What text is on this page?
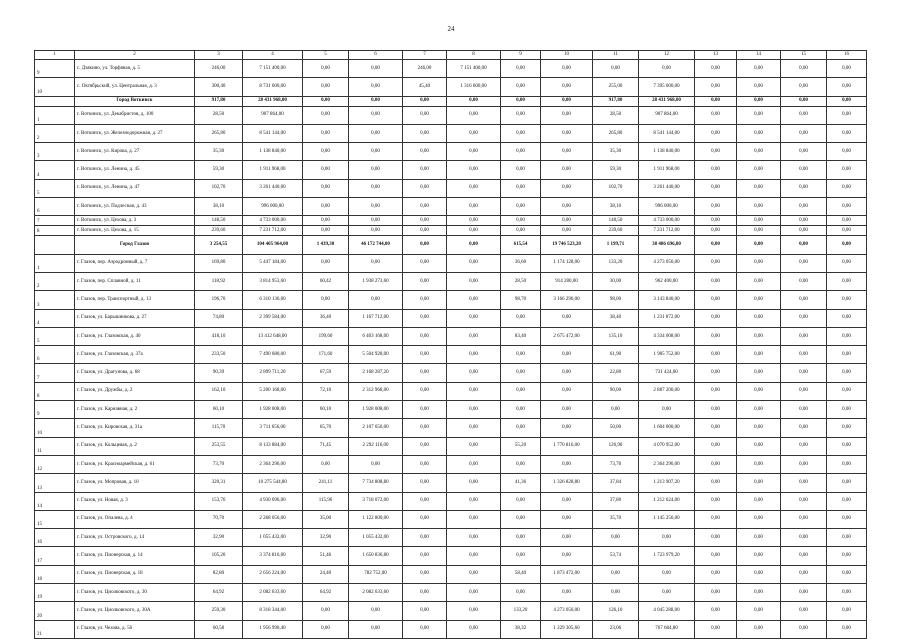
24
1	2	3	4	5	6	7	8	9	10	11	12	13	14	15	16
9	с. Дзякино, ул. Торфяная, д. 5	246,00	7 151 400,00	0,00	0,00	246,00	7 151 400,00	0,00	0,00	0,00	0,00	0,00	0,00	0,00	0,00
10	с. Октябрьский, ул. Центральная, д. 3	300,40	8 731 600,00	0,00	0,00	45,40	1 316 600,00	0,00	0,00	255,00	7 395 000,00	0,00	0,00	0,00	0,00
	Город Воткинск	917,80	28 431 968,00	0,00	0,00	0,00	0,00	0,00	0,00	917,80	28 431 968,00	0,00	0,00	0,00	0,00
1	г. Воткинск, ул. Декабристов, д. 100	28,50	907 864,00	0,00	0,00	0,00	0,00	0,00	0,00	28,50	907 864,00	0,00	0,00	0,00	0,00
2	г. Воткинск, ул. Железнодорожная, д. 27	265,80	8 541 144,00	0,00	0,00	0,00	0,00	0,00	0,00	265,80	8 541 144,00	0,00	0,00	0,00	0,00
3	г. Воткинск, ул. Кирова, д. 27	35,30	1 138 840,00	0,00	0,00	0,00	0,00	0,00	0,00	35,30	1 138 840,00	0,00	0,00	0,00	0,00
4	г. Воткинск, ул. Ленина, д. 45	59,30	1 911 968,00	0,00	0,00	0,00	0,00	0,00	0,00	59,30	1 911 968,00	0,00	0,00	0,00	0,00
5	г. Воткинск, ул. Ленина, д. 47	102,70	3 261 440,00	0,00	0,00	0,00	0,00	0,00	0,00	102,70	3 261 440,00	0,00	0,00	0,00	0,00
6	г. Воткинск, ул. Подлесная, д. 43	38,10	996 000,00	0,00	0,00	0,00	0,00	0,00	0,00	38,10	996 000,00	0,00	0,00	0,00	0,00
7	г. Воткинск, ул. Цехова, д. 3	148,50	4 733 000,00	0,00	0,00	0,00	0,00	0,00	0,00	148,50	4 733 000,00	0,00	0,00	0,00	0,00
8	г. Воткинск, ул. Цехова, д. 15	239,60	7 231 712,00	0,00	0,00	0,00	0,00	0,00	0,00	239,60	7 231 712,00	0,00	0,00	0,00	0,00
	Город Глазов	3 254,55	104 405 964,00	1 439,30	46 172 744,00	0,00	0,00	615,54	19 746 523,20	1 199,71	38 486 696,80	0,00	0,00	0,00	0,00
1	г. Глазов, пер. Аэродромный, д. 7	169,80	5 447 184,00	0,00	0,00	0,00	0,00	36,60	1 174 128,00	133,20	4 273 056,00	0,00	0,00	0,00	0,00
2	г. Глазов, пер. Сплавной, д. 11	118,92	3 814 953,60	60,42	1 938 273,60	0,00	0,00	28,50	914 280,00	30,00	962 400,00	0,00	0,00	0,00	0,00
3	г. Глазов, пер. Транспортный, д. 13	196,70	6 310 136,00	0,00	0,00	0,00	0,00	98,70	3 166 296,00	98,00	3 143 840,00	0,00	0,00	0,00	0,00
4	г. Глазов, ул. Барышникова, д. 27	74,80	2 399 584,00	36,40	1 167 712,00	0,00	0,00	0,00	0,00	38,40	1 231 872,00	0,00	0,00	0,00	0,00
5	г. Глазов, ул. Глазовская, д. 40	418,10	13 412 648,00	199,60	6 403 168,00	0,00	0,00	83,40	2 675 472,00	135,10	4 334 008,00	0,00	0,00	0,00	0,00
6	г. Глазов, ул. Глазовская, д. 37а	233,50	7 490 680,00	171,60	5 504 928,00	0,00	0,00	0,00	0,00	61,90	1 985 752,00	0,00	0,00	0,00	0,00
7	г. Глазов, ул. Драгунова, д. 68	90,39	2 899 711,20	67,59	2 168 287,20	0,00	0,00	0,00	0,00	22,80	731 424,00	0,00	0,00	0,00	0,00
8	г. Глазов, ул. Дружбы, д. 2	162,10	5 200 168,00	72,10	2 312 968,00	0,00	0,00	0,00	0,00	90,00	2 887 200,00	0,00	0,00	0,00	0,00
9	г. Глазов, ул. Карнавная, д. 2	60,10	1 928 008,00	60,10	1 928 008,00	0,00	0,00	0,00	0,00	0,00	0,00	0,00	0,00	0,00	0,00
10	г. Глазов, ул. Кировская, д. 31а	115,70	3 711 656,00	65,70	2 107 656,00	0,00	0,00	0,00	0,00	50,00	1 604 000,00	0,00	0,00	0,00	0,00
11	г. Глазов, ул. Кольцевая, д. 2	253,55	8 133 884,00	71,45	2 292 116,00	0,00	0,00	55,20	1 770 816,00	126,90	4 070 952,00	0,00	0,00	0,00	0,00
12	г. Глазов, ул. Красноармейская, д. 61	73,70	2 364 296,00	0,00	0,00	0,00	0,00	0,00	0,00	73,70	2 364 296,00	0,00	0,00	0,00	0,00
13	г. Глазов, ул. Мопровая, д. 10	320,31	10 275 544,80	241,11	7 734 808,80	0,00	0,00	41,36	1 326 828,80	37,84	1 213 907,20	0,00	0,00	0,00	0,00
14	г. Глазов, ул. Новая, д. 3	153,76	4 930 696,00	115,96	3 718 072,00	0,00	0,00	0,00	0,00	37,80	1 212 624,00	0,00	0,00	0,00	0,00
15	г. Глазов, ул. Опалева, д. 4	70,70	2 268 056,00	35,00	1 122 800,00	0,00	0,00	0,00	0,00	35,70	1 145 256,00	0,00	0,00	0,00	0,00
16	г. Глазов, ул. Островского, д. 14	32,90	1 055 432,00	32,90	1 055 432,00	0,00	0,00	0,00	0,00	0,00	0,00	0,00	0,00	0,00	0,00
17	г. Глазов, ул. Пионерская, д. 14	105,20	3 374 816,00	51,46	1 650 836,80	0,00	0,00	0,00	0,00	53,74	1 723 979,20	0,00	0,00	0,00	0,00
18	г. Глазов, ул. Пионерская, д. 18	82,80	2 656 224,00	24,40	782 752,00	0,00	0,00	58,40	1 873 472,00	0,00	0,00	0,00	0,00	0,00	0,00
19	г. Глазов, ул. Циолковского, д. 30	64,92	2 082 633,60	64,92	2 082 633,60	0,00	0,00	0,00	0,00	0,00	0,00	0,00	0,00	0,00	0,00
20	г. Глазов, ул. Циолковского, д. 30А	259,30	8 318 344,00	0,00	0,00	0,00	0,00	133,20	4 273 056,00	126,10	4 045 288,00	0,00	0,00	0,00	0,00
21	г. Глазов, ул. Чехова, д. 56	60,58	1 956 990,40	0,00	0,00	0,00	0,00	38,32	1 229 305,60	23,06	767 684,80	0,00	0,00	0,00	0,00
